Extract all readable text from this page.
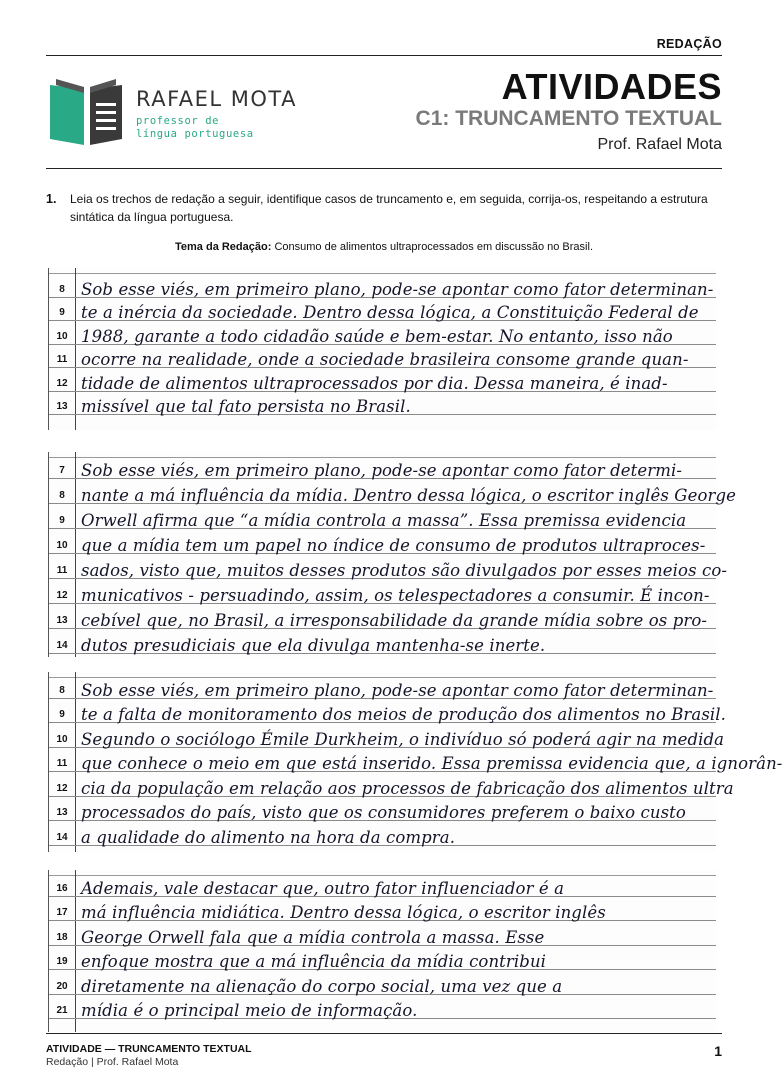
REDAÇÃO
RAFAEL MOTA
professor de
língua portuguesa
ATIVIDADES
C1: TRUNCAMENTO TEXTUAL
Prof. Rafael Mota
1. Leia os trechos de redação a seguir, identifique casos de truncamento e, em seguida, corrija-os, respeitando a estrutura sintática da língua portuguesa.
Tema da Redação: Consumo de alimentos ultraprocessados em discussão no Brasil.
8 Sob esse viés, em primeiro plano, pode-se apontar como fator determinan-
9 te a inércia da sociedade. Dentro dessa lógica, a Constituição Federal de
10 1988, garante a todo cidadão saúde e bem-estar. No entanto, isso não
11 ocorre na realidade, onde a sociedade brasileira consome grande quan-
12 tidade de alimentos ultraprocessados por dia. Dessa maneira, é inad-
13 missível que tal fato persista no Brasil.
7 Sob esse viés, em primeiro plano, pode-se apontar como fator determi-
8 nante a má influência da mídia. Dentro dessa lógica, o escritor inglês George
9 Orwell afirma que “a mídia controla a massa”. Essa premissa evidencia
10 que a mídia tem um papel no índice de consumo de produtos ultraproces-
11 sados, visto que, muitos desses produtos são divulgados por esses meios co-
12 municativos - persuadindo, assim, os telespectadores a consumir. É incon-
13 cebível que, no Brasil, a irresponsabilidade da grande mídia sobre os pro-
14 dutos presudiciais que ela divulga mantenha-se inerte.
8 Sob esse viés, em primeiro plano, pode-se apontar como fator determinan-
9 te a falta de monitoramento dos meios de produção dos alimentos no Brasil.
10 Segundo o sociólogo Émile Durkheim, o indivíduo só poderá agir na medida
11 que conhece o meio em que está inserido. Essa premissa evidencia que, a ignorân-
12 cia da população em relação aos processos de fabricação dos alimentos ultra
13 processados do país, visto que os consumidores preferem o baixo custo
14 a qualidade do alimento na hora da compra.
16 Ademais, vale destacar que, outro fator influenciador é a
17 má influência midiática. Dentro dessa lógica, o escritor inglês
18 George Orwell fala que a mídia controla a massa. Esse
19 enfoque mostra que a má influência da mídia contribui
20 diretamente na alienação do corpo social, uma vez que a
21 mídia é o principal meio de informação.
ATIVIDADE — TRUNCAMENTO TEXTUAL
Redação | Prof. Rafael Mota
1
